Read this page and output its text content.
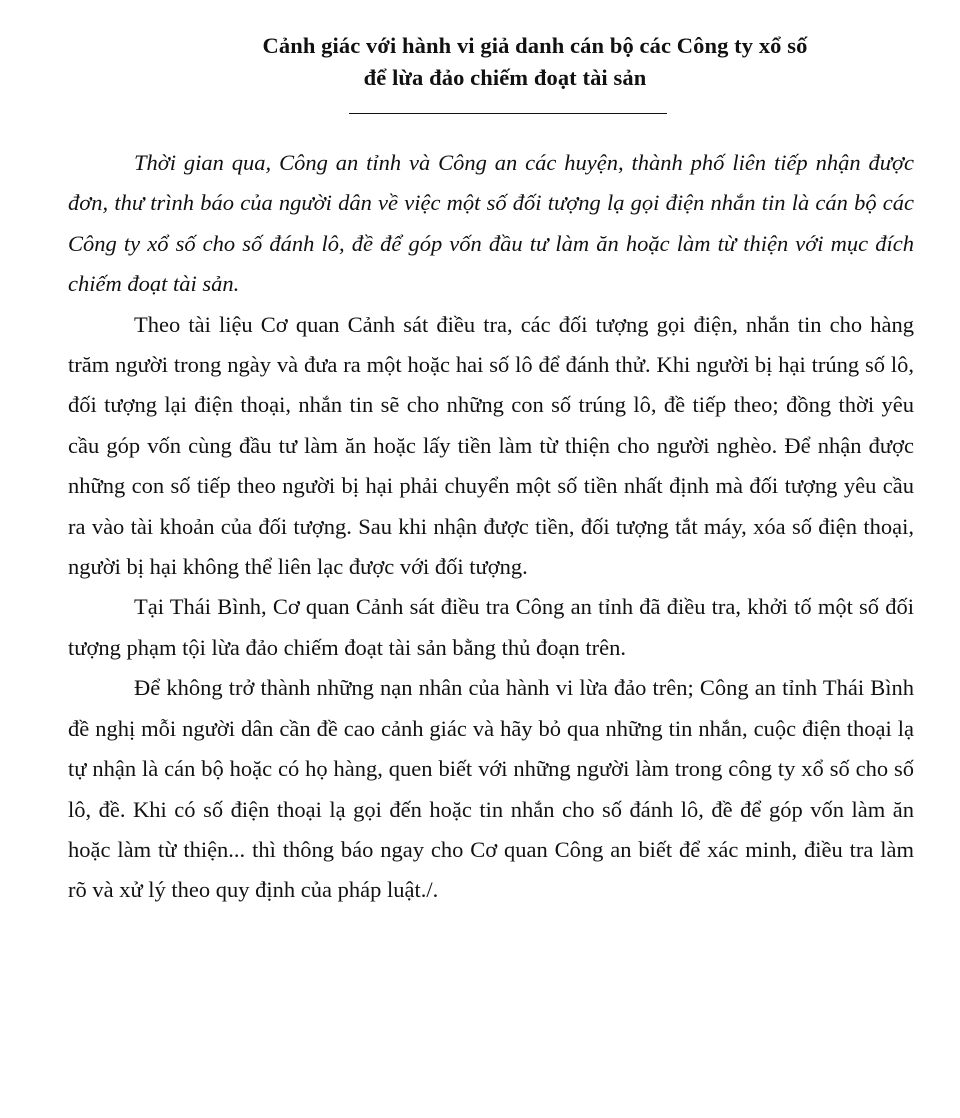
Cảnh giác với hành vi giả danh cán bộ các Công ty xổ số
để lừa đảo chiếm đoạt tài sản

Thời gian qua, Công an tỉnh và Công an các huyện, thành phố liên tiếp nhận được đơn, thư trình báo của người dân về việc một số đối tượng lạ gọi điện nhắn tin là cán bộ các Công ty xổ số cho số đánh lô, đề để góp vốn đầu tư làm ăn hoặc làm từ thiện với mục đích chiếm đoạt tài sản.

Theo tài liệu Cơ quan Cảnh sát điều tra, các đối tượng gọi điện, nhắn tin cho hàng trăm người trong ngày và đưa ra một hoặc hai số lô để đánh thử. Khi người bị hại trúng số lô, đối tượng lại điện thoại, nhắn tin sẽ cho những con số trúng lô, đề tiếp theo; đồng thời yêu cầu góp vốn cùng đầu tư làm ăn hoặc lấy tiền làm từ thiện cho người nghèo. Để nhận được những con số tiếp theo người bị hại phải chuyển một số tiền nhất định mà đối tượng yêu cầu ra vào tài khoản của đối tượng. Sau khi nhận được tiền, đối tượng tắt máy, xóa số điện thoại, người bị hại không thể liên lạc được với đối tượng.

Tại Thái Bình, Cơ quan Cảnh sát điều tra Công an tỉnh đã điều tra, khởi tố một số đối tượng phạm tội lừa đảo chiếm đoạt tài sản bằng thủ đoạn trên.

Để không trở thành những nạn nhân của hành vi lừa đảo trên; Công an tỉnh Thái Bình đề nghị mỗi người dân cần đề cao cảnh giác và hãy bỏ qua những tin nhắn, cuộc điện thoại lạ tự nhận là cán bộ hoặc có họ hàng, quen biết với những người làm trong công ty xổ số cho số lô, đề. Khi có số điện thoại lạ gọi đến hoặc tin nhắn cho số đánh lô, đề để góp vốn làm ăn hoặc làm từ thiện... thì thông báo ngay cho Cơ quan Công an biết để xác minh, điều tra làm rõ và xử lý theo quy định của pháp luật./.
